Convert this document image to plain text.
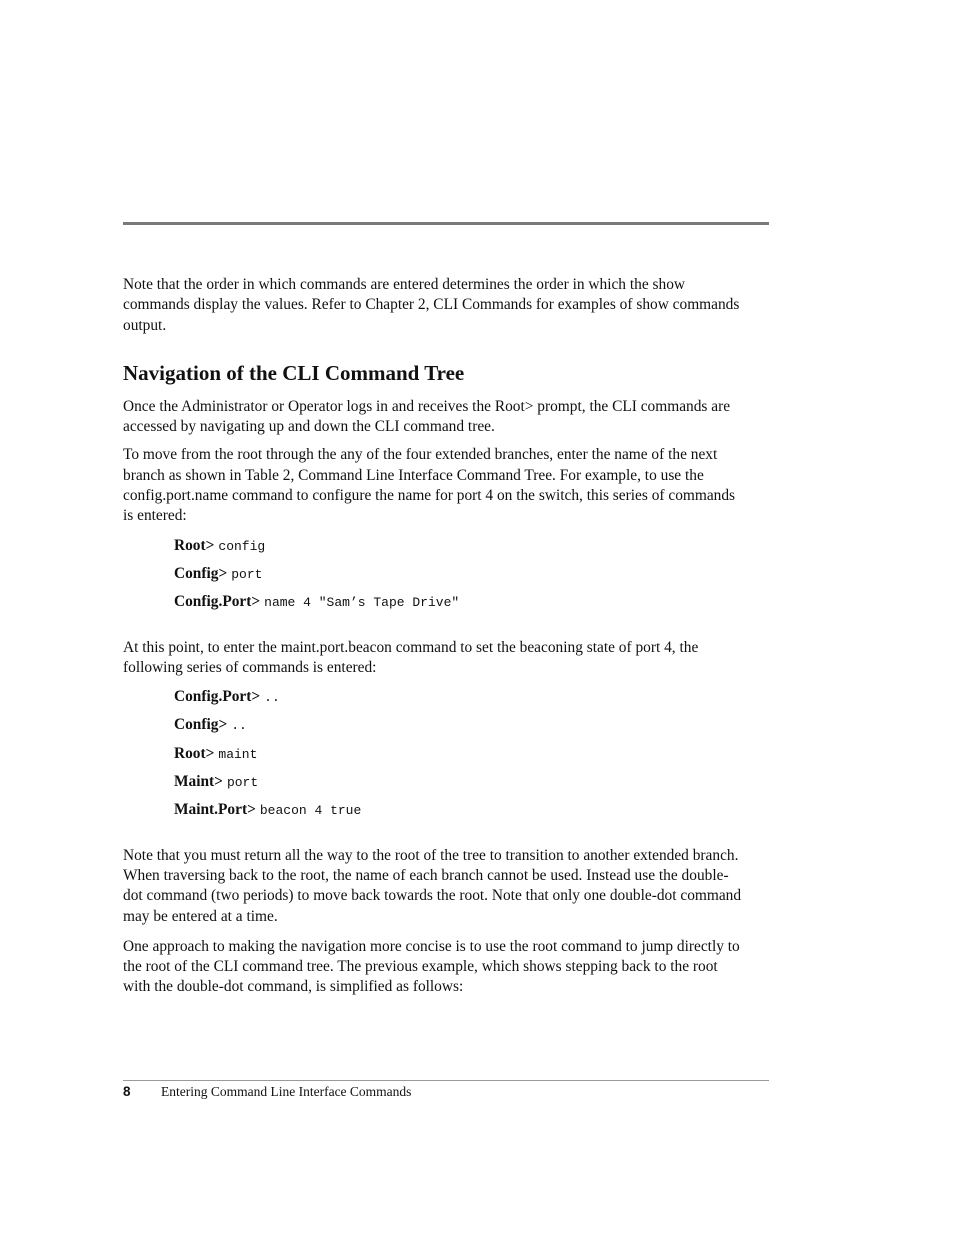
Note that the order in which commands are entered determines the order in which the show commands display the values. Refer to Chapter 2, CLI Commands for examples of show commands output.

Navigation of the CLI Command Tree

Once the Administrator or Operator logs in and receives the Root> prompt, the CLI commands are accessed by navigating up and down the CLI command tree.

To move from the root through the any of the four extended branches, enter the name of the next branch as shown in Table 2, Command Line Interface Command Tree. For example, to use the config.port.name command to configure the name for port 4 on the switch, this series of commands is entered:

Root> config
Config> port
Config.Port> name 4 "Sam’s Tape Drive"

At this point, to enter the maint.port.beacon command to set the beaconing state of port 4, the following series of commands is entered:

Config.Port> ..
Config> ..
Root> maint
Maint> port
Maint.Port> beacon 4 true

Note that you must return all the way to the root of the tree to transition to another extended branch. When traversing back to the root, the name of each branch cannot be used. Instead use the double-dot command (two periods) to move back towards the root. Note that only one double-dot command may be entered at a time.

One approach to making the navigation more concise is to use the root command to jump directly to the root of the CLI command tree. The previous example, which shows stepping back to the root with the double-dot command, is simplified as follows:

8 Entering Command Line Interface Commands
